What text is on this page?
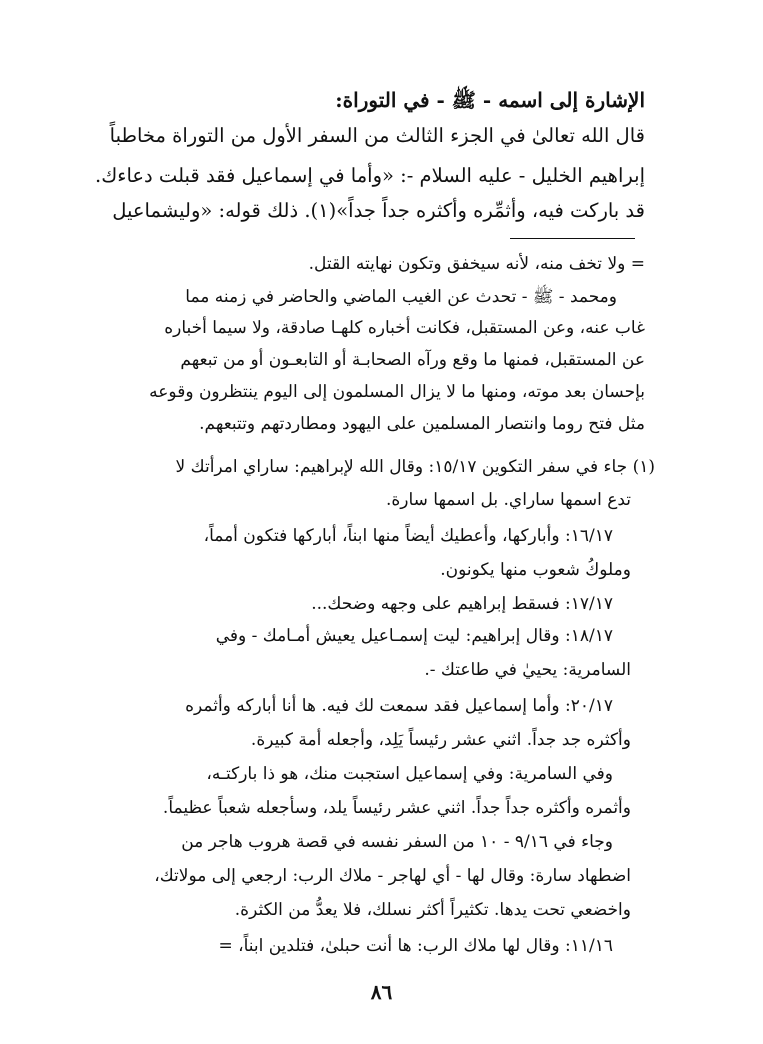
الإشارة إلى اسمه - ﷺ - في التوراة:
قال الله تعالىٰ في الجزء الثالث من السفر الأول من التوراة مخاطباً
إبراهيم الخليل - عليه السلام -: «وأما في إسماعيل فقد قبلت دعاءك.
قد باركت فيه، وأثمِّره وأكثره جداً جداً»(١). ذلك قوله: «وليشماعيل
= ولا تخف منه، لأنه سيخفق وتكون نهايته القتل.
ومحمد - ﷺ - تحدث عن الغيب الماضي والحاضر في زمنه مما
غاب عنه، وعن المستقبل، فكانت أخباره كلهـا صادقة، ولا سيما أخباره
عن المستقبل، فمنها ما وقع ورآه الصحابـة أو التابعـون أو من تبعهم
بإحسان بعد موته، ومنها ما لا يزال المسلمون إلى اليوم ينتظرون وقوعه
مثل فتح روما وانتصار المسلمين على اليهود ومطاردتهم وتتبعهم.
(١) جاء في سفر التكوين ١٥/١٧: وقال الله لإبراهيم: ساراي امرأتك لا
تدع اسمها ساراي. بل اسمها سارة.
١٦/١٧: وأباركها، وأعطيك أيضاً منها ابناً، أباركها فتكون أمماً،
وملوكُ شعوب منها يكونون.
١٧/١٧: فسقط إبراهيم على وجهه وضحك...
١٨/١٧: وقال إبراهيم: ليت إسمـاعيل يعيش أمـامك - وفي
السامرية: يحييٰ في طاعتك -.
٢٠/١٧: وأما إسماعيل فقد سمعت لك فيه. ها أنا أباركه وأثمره
وأكثره جد جداً. اثني عشر رئيساً يَلِد، وأجعله أمة كبيرة.
وفي السامرية: وفي إسماعيل استجبت منك، هو ذا باركتـه،
وأثمره وأكثره جداً جداً. اثني عشر رئيساً يلد، وسأجعله شعباً عظيماً.
وجاء في ٩/١٦ - ١٠ من السفر نفسه في قصة هروب هاجر من
اضطهاد سارة: وقال لها - أي لهاجر - ملاك الرب: ارجعي إلى مولاتك،
واخضعي تحت يدها. تكثيراً أكثر نسلك، فلا يعدُّ من الكثرة.
١١/١٦: وقال لها ملاك الرب: ها أنت حبلىٰ، فتلدين ابناً، =
٨٦
